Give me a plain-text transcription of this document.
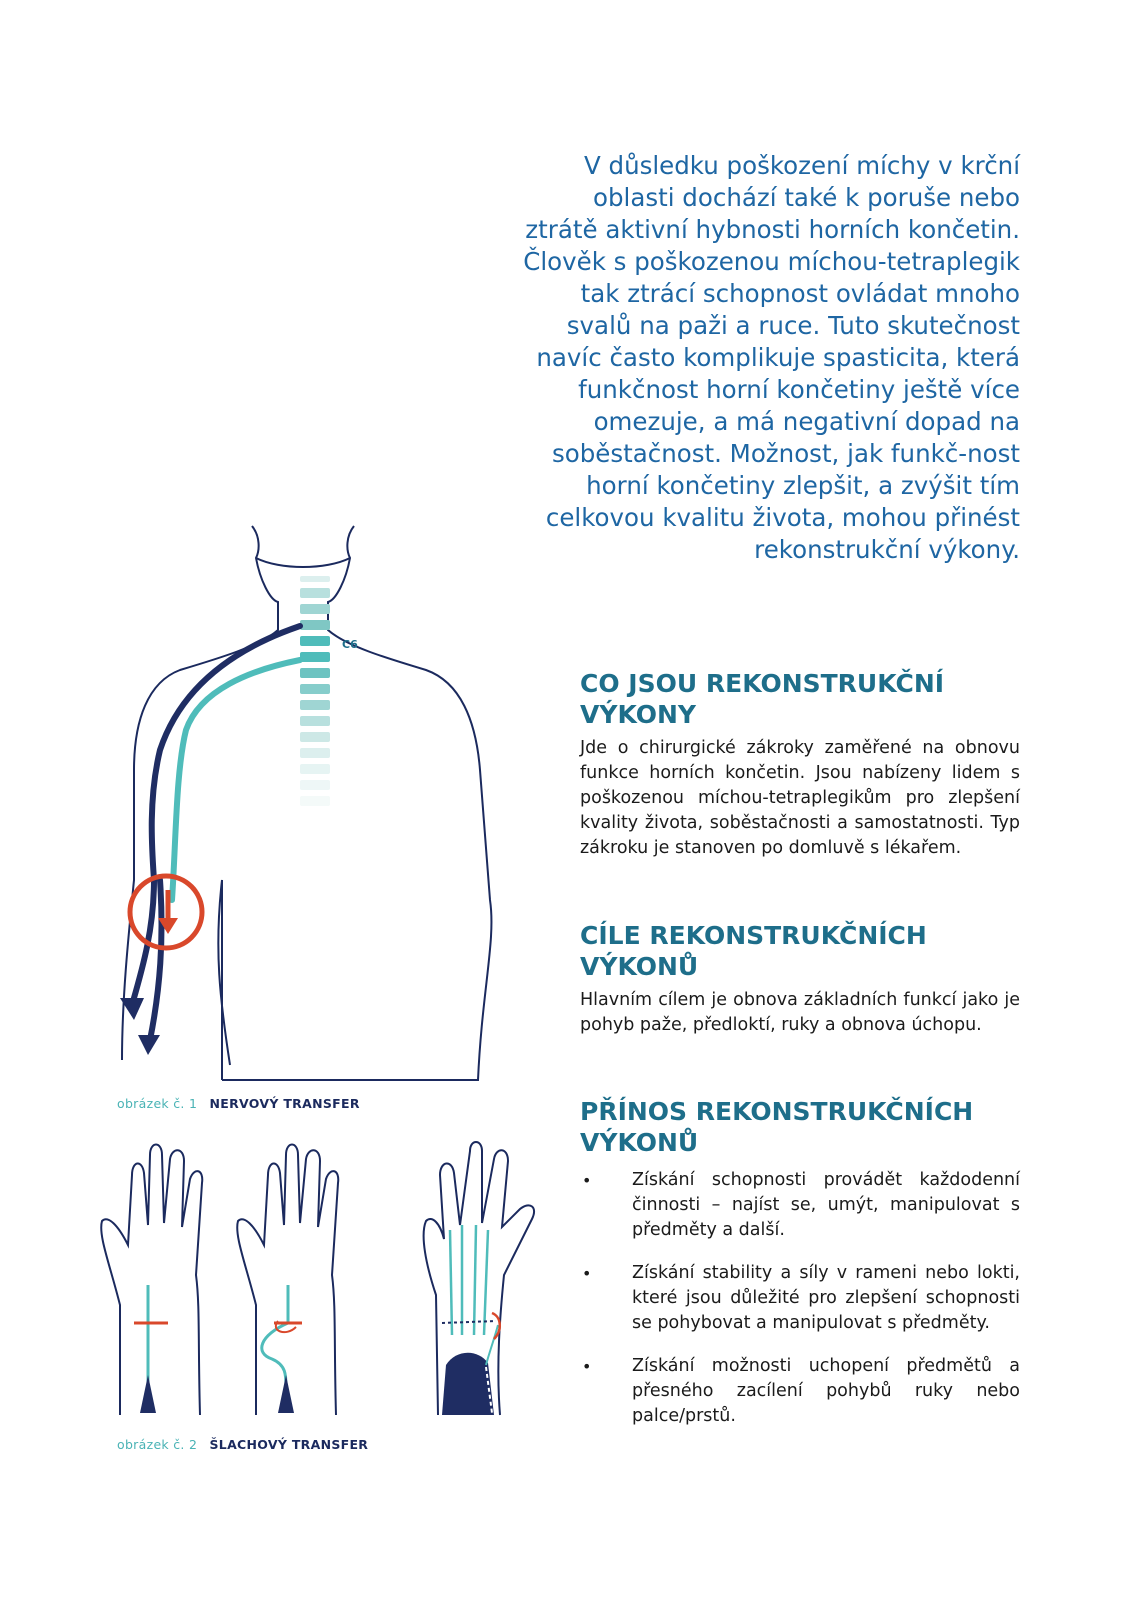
V důsledku poškození míchy v krční oblasti dochází také k poruše nebo ztrátě aktivní hybnosti horních končetin. Člověk s poškozenou míchou-tetraplegik tak ztrácí schopnost ovládat mnoho svalů na paži a ruce. Tuto skutečnost navíc často komplikuje spasticita, která funkčnost horní končetiny ještě více omezuje, a má negativní dopad na soběstačnost. Možnost, jak funkč-nost horní končetiny zlepšit, a zvýšit tím celkovou kvalitu života, mohou přinést rekonstrukční výkony.

C6
obrázek č. 1 NERVOVÝ TRANSFER
obrázek č. 2 ŠLACHOVÝ TRANSFER
CO JSOU REKONSTRUKČNÍ VÝKONY

Jde o chirurgické zákroky zaměřené na obnovu funkce horních končetin. Jsou nabízeny lidem s poškozenou míchou-tetraplegikům pro zlepšení kvality života, soběstačnosti a samostatnosti. Typ zákroku je stanoven po domluvě s lékařem.

CÍLE REKONSTRUKČNÍCH VÝKONŮ

Hlavním cílem je obnova základních funkcí jako je pohyb paže, předloktí, ruky a obnova úchopu.

PŘÍNOS REKONSTRUKČNÍCH VÝKONŮ
• Získání schopnosti provádět každodenní činnosti – najíst se, umýt, manipulovat s předměty a další.
• Získání stability a síly v rameni nebo lokti, které jsou důležité pro zlepšení schopnosti se pohybovat a manipulovat s předměty.
• Získání možnosti uchopení předmětů a přesného zacílení pohybů ruky nebo palce/prstů.
